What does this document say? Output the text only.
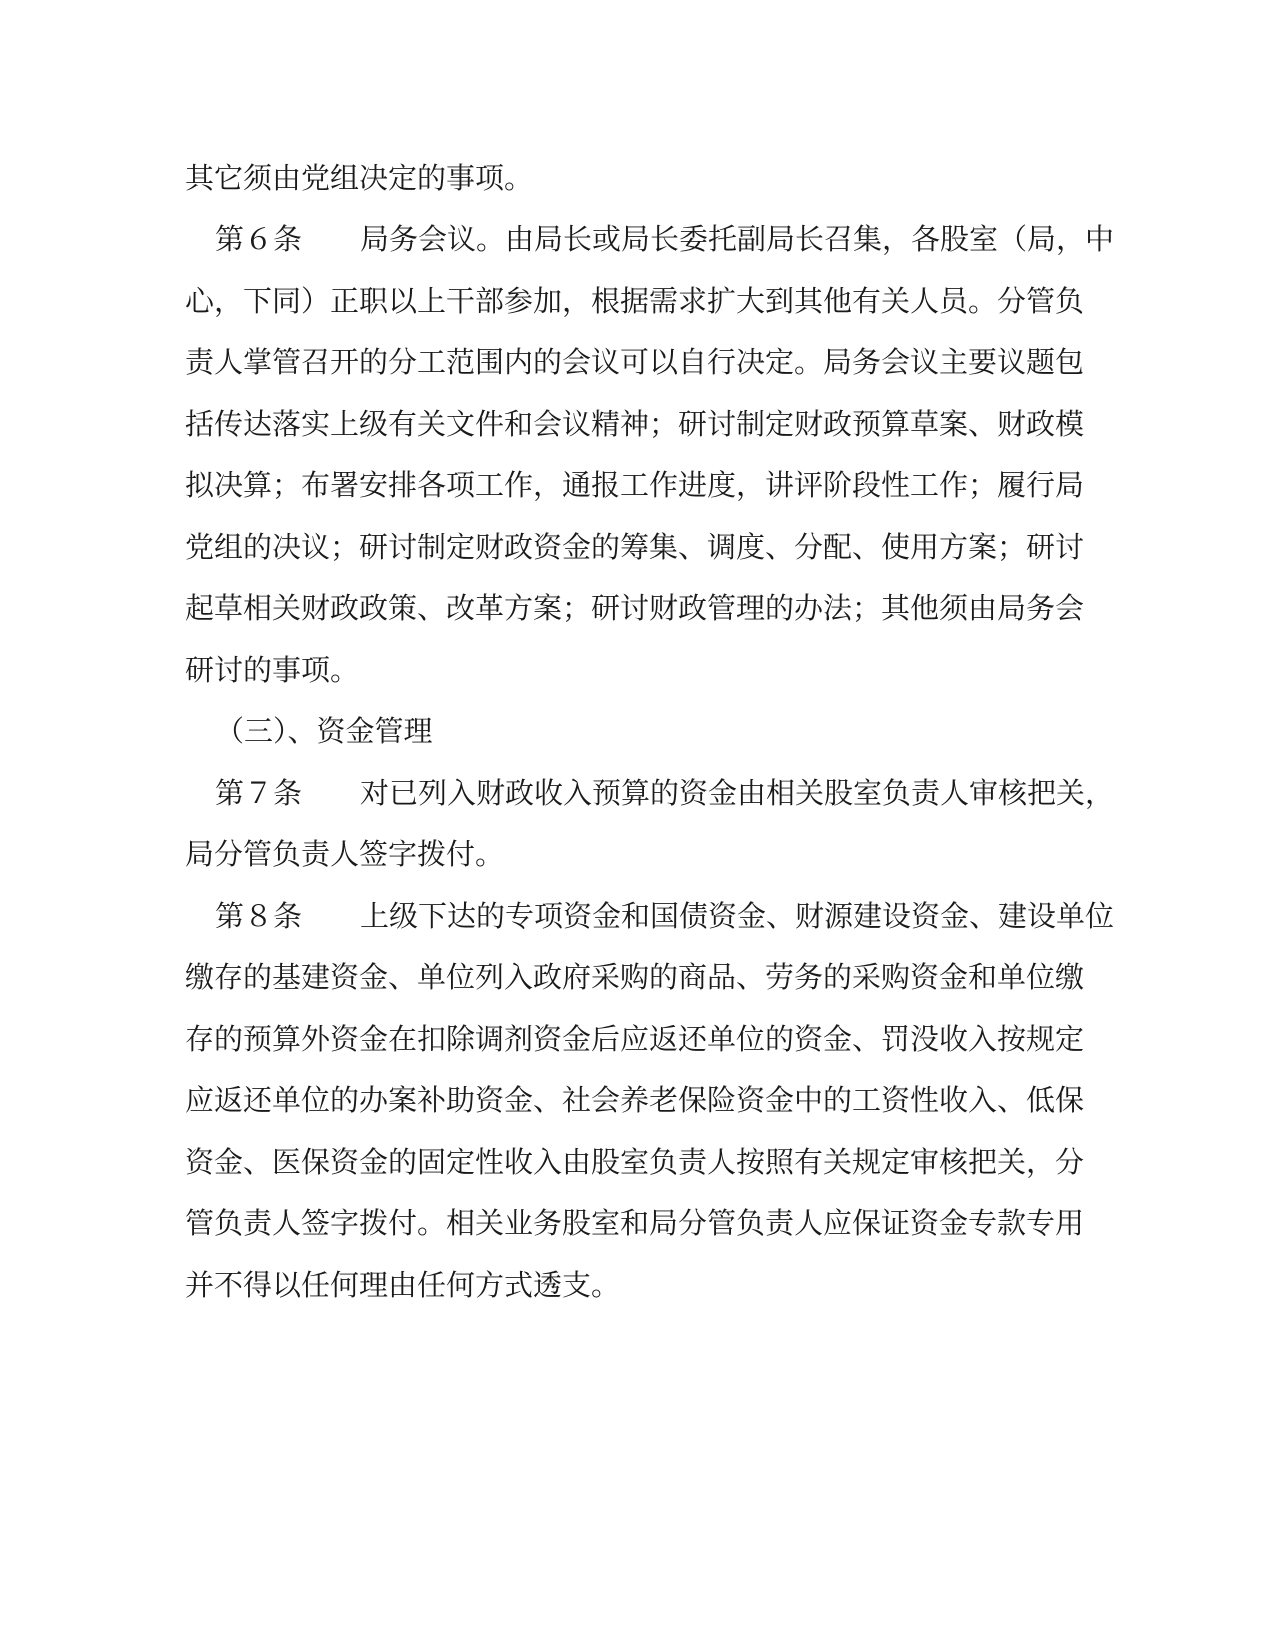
其它须由党组决定的事项。
第６条　　局务会议。由局长或局长委托副局长召集，各股室（局，中
心，下同）正职以上干部参加，根据需求扩大到其他有关人员。分管负
责人掌管召开的分工范围内的会议可以自行决定。局务会议主要议题包
括传达落实上级有关文件和会议精神；研讨制定财政预算草案、财政模
拟决算；布署安排各项工作，通报工作进度，讲评阶段性工作；履行局
党组的决议；研讨制定财政资金的筹集、调度、分配、使用方案；研讨
起草相关财政政策、改革方案；研讨财政管理的办法；其他须由局务会
研讨的事项。
（三）、资金管理
第７条　　对已列入财政收入预算的资金由相关股室负责人审核把关，
局分管负责人签字拨付。
第８条　　上级下达的专项资金和国债资金、财源建设资金、建设单位
缴存的基建资金、单位列入政府采购的商品、劳务的采购资金和单位缴
存的预算外资金在扣除调剂资金后应返还单位的资金、罚没收入按规定
应返还单位的办案补助资金、社会养老保险资金中的工资性收入、低保
资金、医保资金的固定性收入由股室负责人按照有关规定审核把关，分
管负责人签字拨付。相关业务股室和局分管负责人应保证资金专款专用
并不得以任何理由任何方式透支。
